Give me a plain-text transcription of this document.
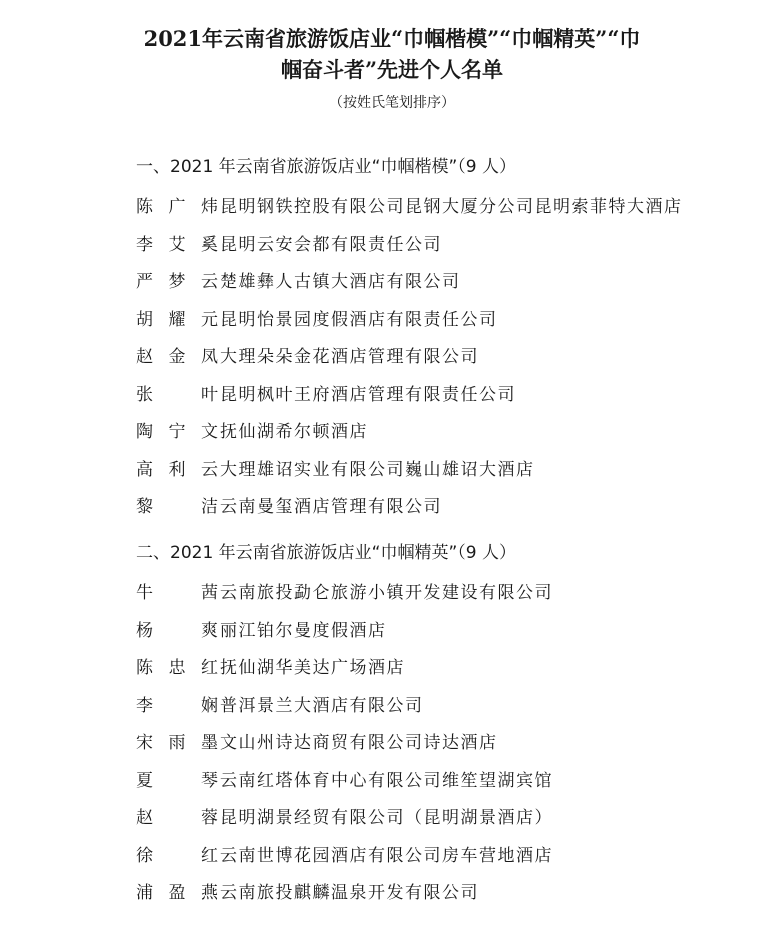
2021年云南省旅游饭店业“巾帼楷模”“巾帼精英”“巾
帼奋斗者”先进个人名单
（按姓氏笔划排序）
一、2021 年云南省旅游饭店业“巾帼楷模”（9 人）
陈广炜昆明钢铁控股有限公司昆钢大厦分公司昆明索菲特大酒店
李艾奚昆明云安会都有限责任公司
严梦云楚雄彝人古镇大酒店有限公司
胡耀元昆明怡景园度假酒店有限责任公司
赵金凤大理朵朵金花酒店管理有限公司
张叶昆明枫叶王府酒店管理有限责任公司
陶宁文抚仙湖希尔顿酒店
高利云大理雄诏实业有限公司巍山雄诏大酒店
黎洁云南曼玺酒店管理有限公司
二、2021 年云南省旅游饭店业“巾帼精英”（9 人）
牛茜云南旅投勐仑旅游小镇开发建设有限公司
杨爽丽江铂尔曼度假酒店
陈忠红抚仙湖华美达广场酒店
李娴普洱景兰大酒店有限公司
宋雨墨文山州诗达商贸有限公司诗达酒店
夏琴云南红塔体育中心有限公司维笙望湖宾馆
赵蓉昆明湖景经贸有限公司（昆明湖景酒店）
徐红云南世博花园酒店有限公司房车营地酒店
浦盈燕云南旅投麒麟温泉开发有限公司
